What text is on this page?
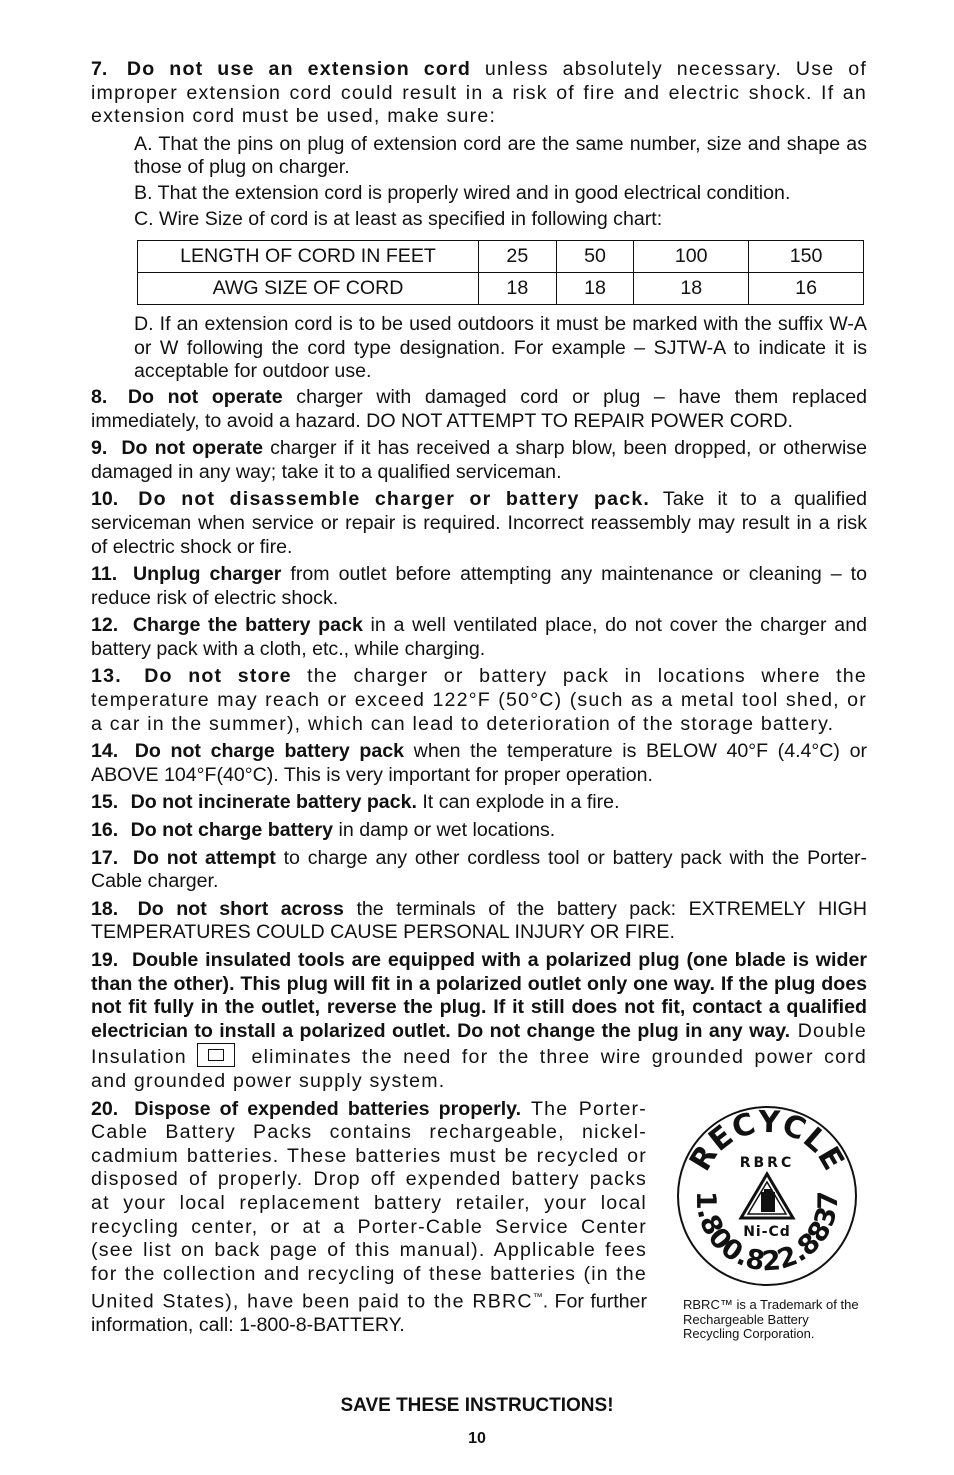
7. Do not use an extension cord unless absolutely necessary. Use of improper extension cord could result in a risk of fire and electric shock. If an extension cord must be used, make sure:
A. That the pins on plug of extension cord are the same number, size and shape as those of plug on charger.
B. That the extension cord is properly wired and in good electrical condition.
C. Wire Size of cord is at least as specified in following chart:
LENGTH OF CORD IN FEET	25	50	100	150
AWG SIZE OF CORD	18	18	18	16
D. If an extension cord is to be used outdoors it must be marked with the suffix W-A or W following the cord type designation. For example – SJTW-A to indicate it is acceptable for outdoor use.
8. Do not operate charger with damaged cord or plug – have them replaced immediately, to avoid a hazard. DO NOT ATTEMPT TO REPAIR POWER CORD.
9. Do not operate charger if it has received a sharp blow, been dropped, or otherwise damaged in any way; take it to a qualified serviceman.
10. Do not disassemble charger or battery pack. Take it to a qualified serviceman when service or repair is required. Incorrect reassembly may result in a risk of electric shock or fire.
11. Unplug charger from outlet before attempting any maintenance or cleaning – to reduce risk of electric shock.
12. Charge the battery pack in a well ventilated place, do not cover the charger and battery pack with a cloth, etc., while charging.
13. Do not store the charger or battery pack in locations where the temperature may reach or exceed 122°F (50°C) (such as a metal tool shed, or a car in the summer), which can lead to deterioration of the storage battery.
14. Do not charge battery pack when the temperature is BELOW 40°F (4.4°C) or ABOVE 104°F(40°C). This is very important for proper operation.
15. Do not incinerate battery pack. It can explode in a fire.
16. Do not charge battery in damp or wet locations.
17. Do not attempt to charge any other cordless tool or battery pack with the Porter-Cable charger.
18. Do not short across the terminals of the battery pack: EXTREMELY HIGH TEMPERATURES COULD CAUSE PERSONAL INJURY OR FIRE.
19. Double insulated tools are equipped with a polarized plug (one blade is wider than the other). This plug will fit in a polarized outlet only one way. If the plug does not fit fully in the outlet, reverse the plug. If it still does not fit, contact a qualified electrician to install a polarized outlet. Do not change the plug in any way. Double Insulation
eliminates the need for the three wire grounded power cord and grounded power supply system.
20. Dispose of expended batteries properly. The Porter-Cable Battery Packs contains rechargeable, nickel-cadmium batteries. These batteries must be recycled or disposed of properly. Drop off expended battery packs at your local replacement battery retailer, your local recycling center, or at a Porter-Cable Service Center (see list on back page of this manual). Applicable fees for the collection and recycling of these batteries (in the United States), have been paid to the RBRC™. For further information, call: 1-800-8-BATTERY.
RECYCLE
1.800.822.8837
RBRC
Ni-Cd
RBRC™ is a Trademark of the Rechargeable Battery Recycling Corporation.
SAVE THESE INSTRUCTIONS!
10
